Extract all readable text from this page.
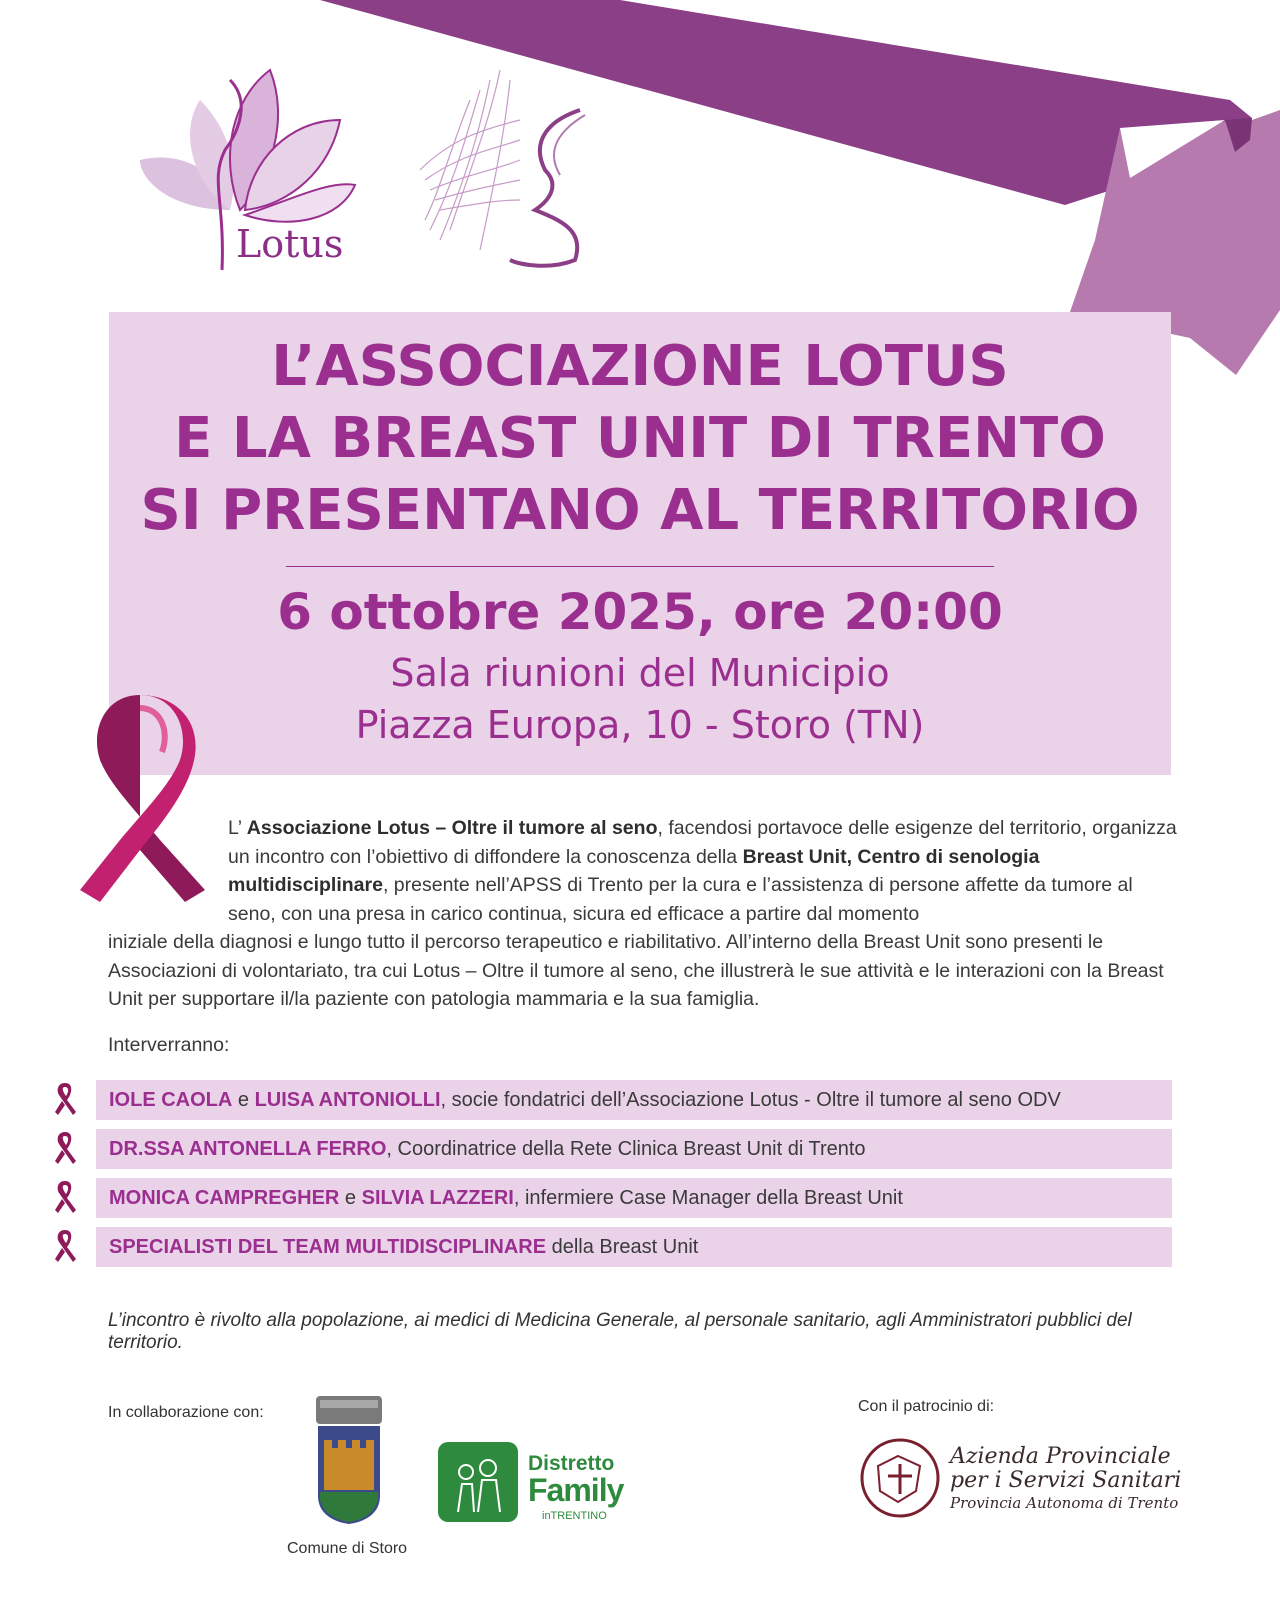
Lotus
L’ASSOCIAZIONE LOTUS
E LA BREAST UNIT DI TRENTO
SI PRESENTANO AL TERRITORIO
6 ottobre 2025, ore 20:00
Sala riunioni del Municipio
Piazza Europa, 10 - Storo (TN)
L’ Associazione Lotus – Oltre il tumore al seno, facendosi portavoce delle esigenze del territorio, organizza un incontro con l’obiettivo di diffondere la conoscenza della Breast Unit, Centro di senologia multidisciplinare, presente nell’APSS di Trento per la cura e l’assistenza di persone affette da tumore al seno, con una presa in carico continua, sicura ed efficace a partire dal momento
iniziale della diagnosi e lungo tutto il percorso terapeutico e riabilitativo. All’interno della Breast Unit sono presenti le Associazioni di volontariato, tra cui Lotus – Oltre il tumore al seno, che illustrerà le sue attività e le interazioni con la Breast Unit per supportare il/la paziente con patologia mammaria e la sua famiglia.
Interverranno:
IOLE CAOLA e LUISA ANTONIOLLI, socie fondatrici dell’Associazione Lotus - Oltre il tumore al seno ODV
DR.SSA ANTONELLA FERRO, Coordinatrice della Rete Clinica Breast Unit di Trento
MONICA CAMPREGHER e SILVIA LAZZERI, infermiere Case Manager della Breast Unit
SPECIALISTI DEL TEAM MULTIDISCIPLINARE della Breast Unit
L’incontro è rivolto alla popolazione, ai medici di Medicina Generale, al personale sanitario, agli Amministratori pubblici del territorio.
In collaborazione con:
Comune di Storo
Distretto
Family
inTRENTINO
Con il patrocinio di:
Azienda Provinciale
per i Servizi Sanitari
Provincia Autonoma di Trento
